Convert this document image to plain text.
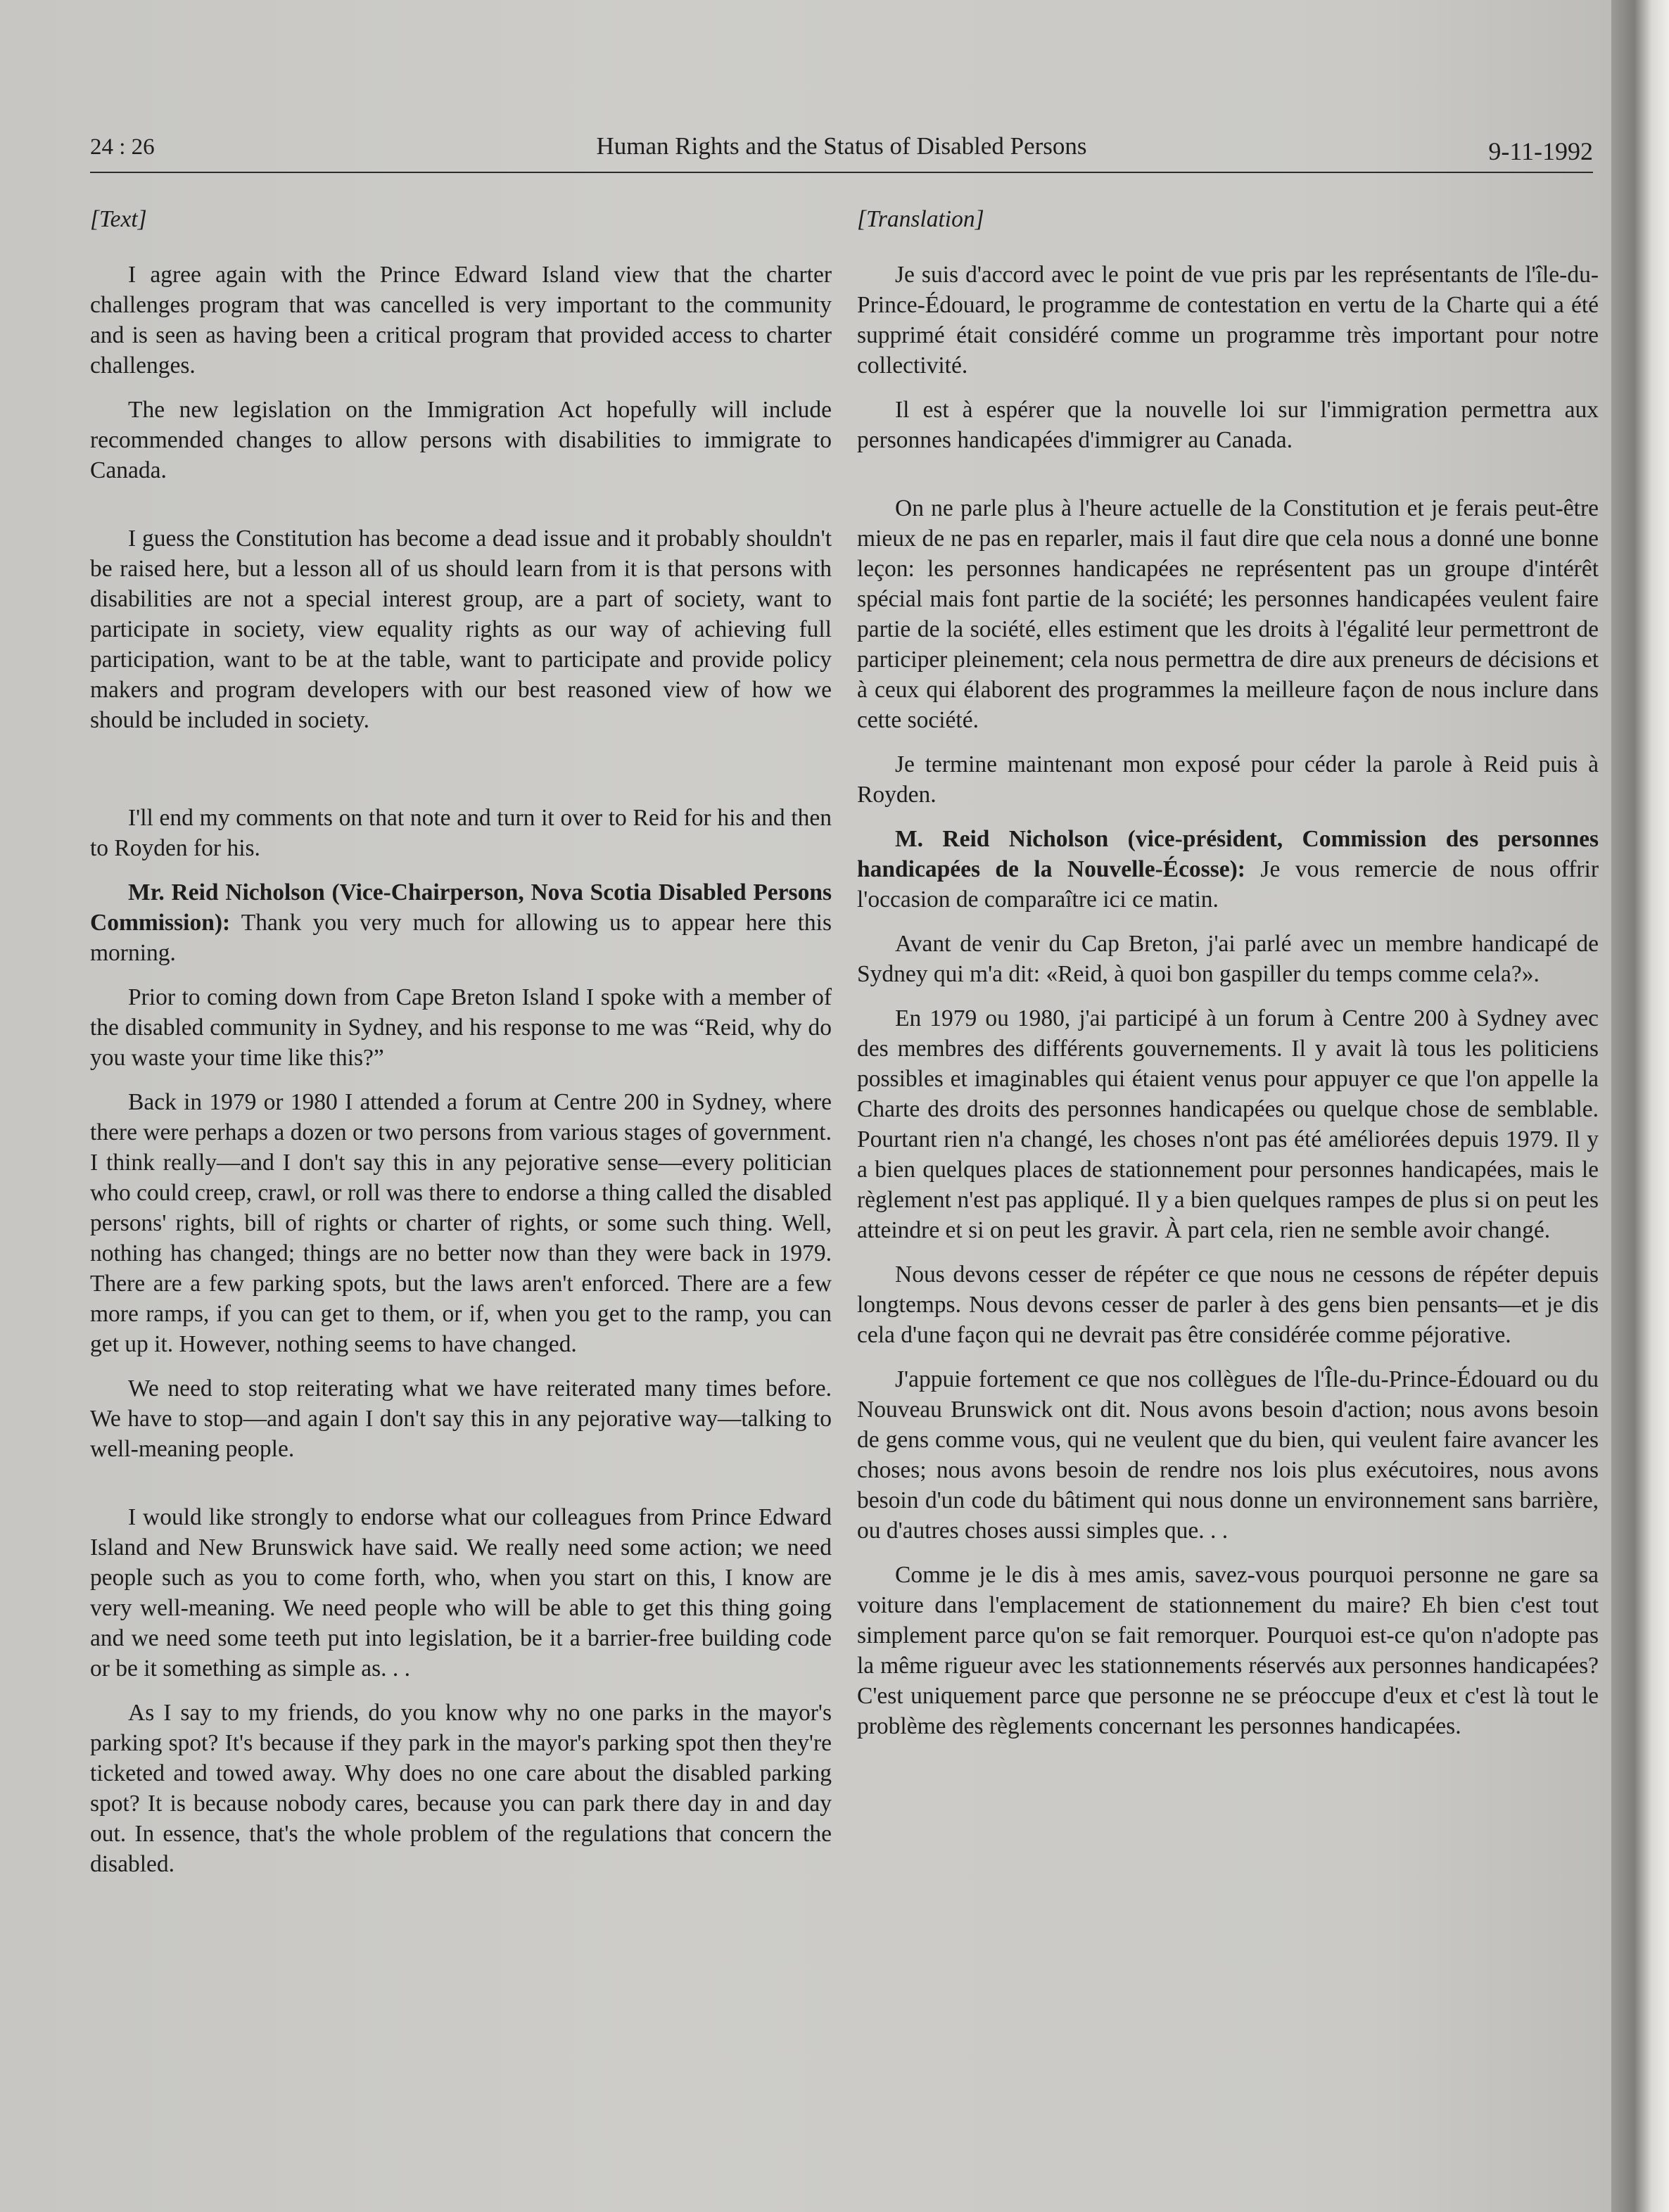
24 : 26	Human Rights and the Status of Disabled Persons	9-11-1992
[Text]

I agree again with the Prince Edward Island view that the charter challenges program that was cancelled is very important to the community and is seen as having been a critical program that provided access to charter challenges.

The new legislation on the Immigration Act hopefully will include recommended changes to allow persons with disabilities to immigrate to Canada.

I guess the Constitution has become a dead issue and it probably shouldn't be raised here, but a lesson all of us should learn from it is that persons with disabilities are not a special interest group, are a part of society, want to participate in society, view equality rights as our way of achieving full participation, want to be at the table, want to participate and provide policy makers and program developers with our best reasoned view of how we should be included in society.

I'll end my comments on that note and turn it over to Reid for his and then to Royden for his.

Mr. Reid Nicholson (Vice-Chairperson, Nova Scotia Disabled Persons Commission): Thank you very much for allowing us to appear here this morning.

Prior to coming down from Cape Breton Island I spoke with a member of the disabled community in Sydney, and his response to me was “Reid, why do you waste your time like this?”

Back in 1979 or 1980 I attended a forum at Centre 200 in Sydney, where there were perhaps a dozen or two persons from various stages of government. I think really—and I don't say this in any pejorative sense—every politician who could creep, crawl, or roll was there to endorse a thing called the disabled persons' rights, bill of rights or charter of rights, or some such thing. Well, nothing has changed; things are no better now than they were back in 1979. There are a few parking spots, but the laws aren't enforced. There are a few more ramps, if you can get to them, or if, when you get to the ramp, you can get up it. However, nothing seems to have changed.

We need to stop reiterating what we have reiterated many times before. We have to stop—and again I don't say this in any pejorative way—talking to well-meaning people.

I would like strongly to endorse what our colleagues from Prince Edward Island and New Brunswick have said. We really need some action; we need people such as you to come forth, who, when you start on this, I know are very well-meaning. We need people who will be able to get this thing going and we need some teeth put into legislation, be it a barrier-free building code or be it something as simple as. . .

As I say to my friends, do you know why no one parks in the mayor's parking spot? It's because if they park in the mayor's parking spot then they're ticketed and towed away. Why does no one care about the disabled parking spot? It is because nobody cares, because you can park there day in and day out. In essence, that's the whole problem of the regulations that concern the disabled.

[Translation]

Je suis d'accord avec le point de vue pris par les représentants de l'île-du-Prince-Édouard, le programme de contestation en vertu de la Charte qui a été supprimé était considéré comme un programme très important pour notre collectivité.

Il est à espérer que la nouvelle loi sur l'immigration permettra aux personnes handicapées d'immigrer au Canada.

On ne parle plus à l'heure actuelle de la Constitution et je ferais peut-être mieux de ne pas en reparler, mais il faut dire que cela nous a donné une bonne leçon: les personnes handicapées ne représentent pas un groupe d'intérêt spécial mais font partie de la société; les personnes handicapées veulent faire partie de la société, elles estiment que les droits à l'égalité leur permettront de participer pleinement; cela nous permettra de dire aux preneurs de décisions et à ceux qui élaborent des programmes la meilleure façon de nous inclure dans cette société.

Je termine maintenant mon exposé pour céder la parole à Reid puis à Royden.

M. Reid Nicholson (vice-président, Commission des personnes handicapées de la Nouvelle-Écosse): Je vous remercie de nous offrir l'occasion de comparaître ici ce matin.

Avant de venir du Cap Breton, j'ai parlé avec un membre handicapé de Sydney qui m'a dit: «Reid, à quoi bon gaspiller du temps comme cela?».

En 1979 ou 1980, j'ai participé à un forum à Centre 200 à Sydney avec des membres des différents gouvernements. Il y avait là tous les politiciens possibles et imaginables qui étaient venus pour appuyer ce que l'on appelle la Charte des droits des personnes handicapées ou quelque chose de semblable. Pourtant rien n'a changé, les choses n'ont pas été améliorées depuis 1979. Il y a bien quelques places de stationnement pour personnes handicapées, mais le règlement n'est pas appliqué. Il y a bien quelques rampes de plus si on peut les atteindre et si on peut les gravir. À part cela, rien ne semble avoir changé.

Nous devons cesser de répéter ce que nous ne cessons de répéter depuis longtemps. Nous devons cesser de parler à des gens bien pensants—et je dis cela d'une façon qui ne devrait pas être considérée comme péjorative.

J'appuie fortement ce que nos collègues de l'Île-du-Prince-Édouard ou du Nouveau Brunswick ont dit. Nous avons besoin d'action; nous avons besoin de gens comme vous, qui ne veulent que du bien, qui veulent faire avancer les choses; nous avons besoin de rendre nos lois plus exécutoires, nous avons besoin d'un code du bâtiment qui nous donne un environnement sans barrière, ou d'autres choses aussi simples que. . .

Comme je le dis à mes amis, savez-vous pourquoi personne ne gare sa voiture dans l'emplacement de stationnement du maire? Eh bien c'est tout simplement parce qu'on se fait remorquer. Pourquoi est-ce qu'on n'adopte pas la même rigueur avec les stationnements réservés aux personnes handicapées? C'est uniquement parce que personne ne se préoccupe d'eux et c'est là tout le problème des règlements concernant les personnes handicapées.
